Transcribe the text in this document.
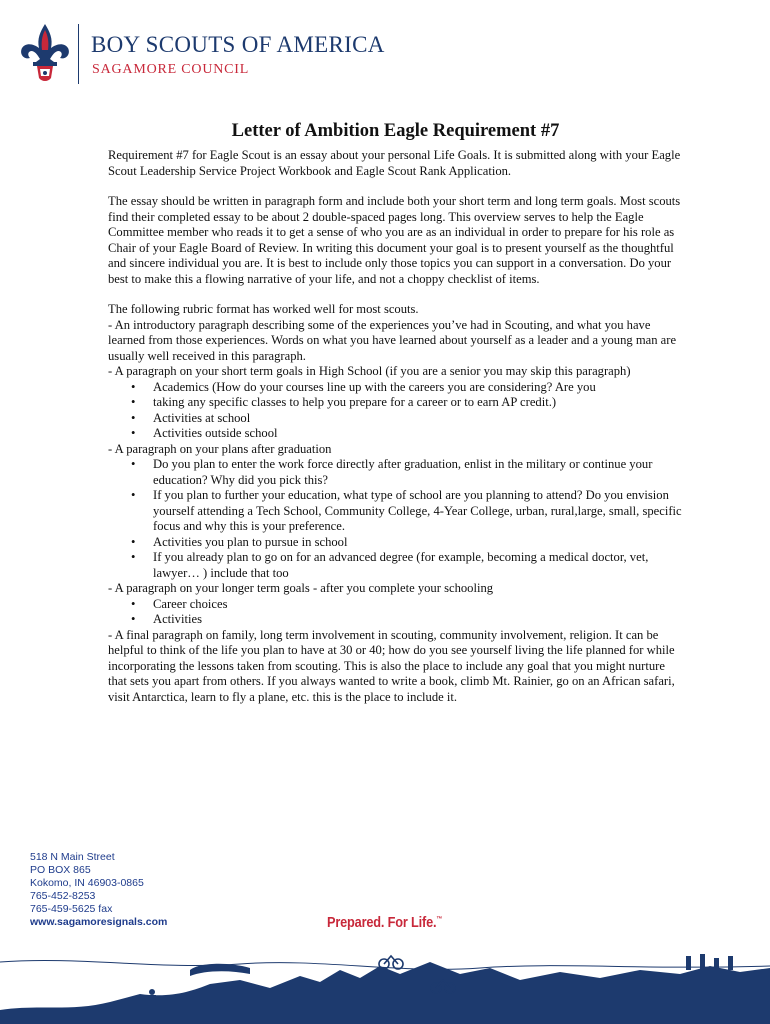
BOY SCOUTS OF AMERICA
SAGAMORE COUNCIL
Letter of Ambition Eagle Requirement #7

Requirement #7 for Eagle Scout is an essay about your personal Life Goals. It is submitted along with your Eagle Scout Leadership Service Project Workbook and Eagle Scout Rank Application.

The essay should be written in paragraph form and include both your short term and long term goals. Most scouts find their completed essay to be about 2 double-spaced pages long. This overview serves to help the Eagle Committee member who reads it to get a sense of who you are as an individual in order to prepare for his role as Chair of your Eagle Board of Review. In writing this document your goal is to present yourself as the thoughtful and sincere individual you are. It is best to include only those topics you can support in a conversation. Do your best to make this a flowing narrative of your life, and not a choppy checklist of items.

The following rubric format has worked well for most scouts.
- An introductory paragraph describing some of the experiences you’ve had in Scouting, and what you have learned from those experiences. Words on what you have learned about yourself as a leader and a young man are usually well received in this paragraph.
- A paragraph on your short term goals in High School (if you are a senior you may skip this paragraph)
• Academics (How do your courses line up with the careers you are considering? Are you
• taking any specific classes to help you prepare for a career or to earn AP credit.)
• Activities at school
• Activities outside school
- A paragraph on your plans after graduation
• Do you plan to enter the work force directly after graduation, enlist in the military or continue your education? Why did you pick this?
• If you plan to further your education, what type of school are you planning to attend? Do you envision yourself attending a Tech School, Community College, 4-Year College, urban, rural,large, small, specific focus and why this is your preference.
• Activities you plan to pursue in school
• If you already plan to go on for an advanced degree (for example, becoming a medical doctor, vet, lawyer… ) include that too
- A paragraph on your longer term goals - after you complete your schooling
• Career choices
• Activities
- A final paragraph on family, long term involvement in scouting, community involvement, religion. It can be helpful to think of the life you plan to have at 30 or 40; how do you see yourself living the life planned for while incorporating the lessons taken from scouting. This is also the place to include any goal that you might nurture that sets you apart from others. If you always wanted to write a book, climb Mt. Rainier, go on an African safari, visit Antarctica, learn to fly a plane, etc. this is the place to include it.
518 N Main Street
PO BOX 865
Kokomo, IN 46903-0865
765-452-8253
765-459-5625 fax
www.sagamoresignals.com	Prepared. For Life.™
